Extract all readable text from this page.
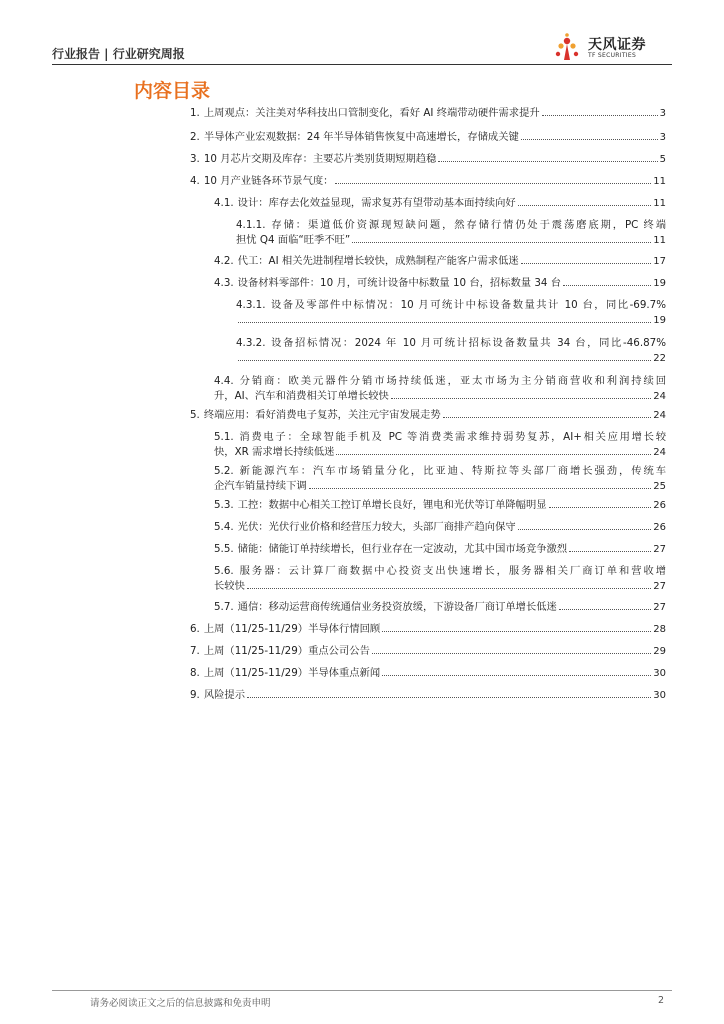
行业报告 | 行业研究周报
天风证券
TF SECURITIES
内容目录
1. 上周观点：关注美对华科技出口管制变化，看好 AI 终端带动硬件需求提升	3
2. 半导体产业宏观数据：24 年半导体销售恢复中高速增长，存储成关键	3
3. 10 月芯片交期及库存：主要芯片类别货期短期趋稳	5
4. 10 月产业链各环节景气度：	11
4.1. 设计：库存去化效益显现，需求复苏有望带动基本面持续向好	11
4.1.1. 存储：渠道低价资源现短缺问题，然存储行情仍处于震荡磨底期，PC 终端
担忧 Q4 面临“旺季不旺”	11
4.2. 代工：AI 相关先进制程增长较快，成熟制程产能客户需求低迷	17
4.3. 设备材料零部件：10 月，可统计设备中标数量 10 台，招标数量 34 台	19
4.3.1. 设备及零部件中标情况：10 月可统计中标设备数量共计 10 台，同比-69.7%
19
4.3.2. 设备招标情况：2024 年 10 月可统计招标设备数量共 34 台，同比-46.87%
22
4.4. 分销商：欧美元器件分销市场持续低迷，亚太市场为主分销商营收和利润持续回
升，AI、汽车和消费相关订单增长较快	24
5. 终端应用：看好消费电子复苏，关注元宇宙发展走势	24
5.1. 消费电子：全球智能手机及 PC 等消费类需求维持弱势复苏，AI+相关应用增长较
快，XR 需求增长持续低迷	24
5.2. 新能源汽车：汽车市场销量分化，比亚迪、特斯拉等头部厂商增长强劲，传统车
企汽车销量持续下调	25
5.3. 工控：数据中心相关工控订单增长良好，锂电和光伏等订单降幅明显	26
5.4. 光伏：光伏行业价格和经营压力较大，头部厂商排产趋向保守	26
5.5. 储能：储能订单持续增长，但行业存在一定波动，尤其中国市场竞争激烈	27
5.6. 服务器：云计算厂商数据中心投资支出快速增长，服务器相关厂商订单和营收增
长较快	27
5.7. 通信：移动运营商传统通信业务投资放缓，下游设备厂商订单增长低迷	27
6. 上周（11/25-11/29）半导体行情回顾	28
7. 上周（11/25-11/29）重点公司公告	29
8. 上周（11/25-11/29）半导体重点新闻	30
9. 风险提示	30
请务必阅读正文之后的信息披露和免责申明	2
